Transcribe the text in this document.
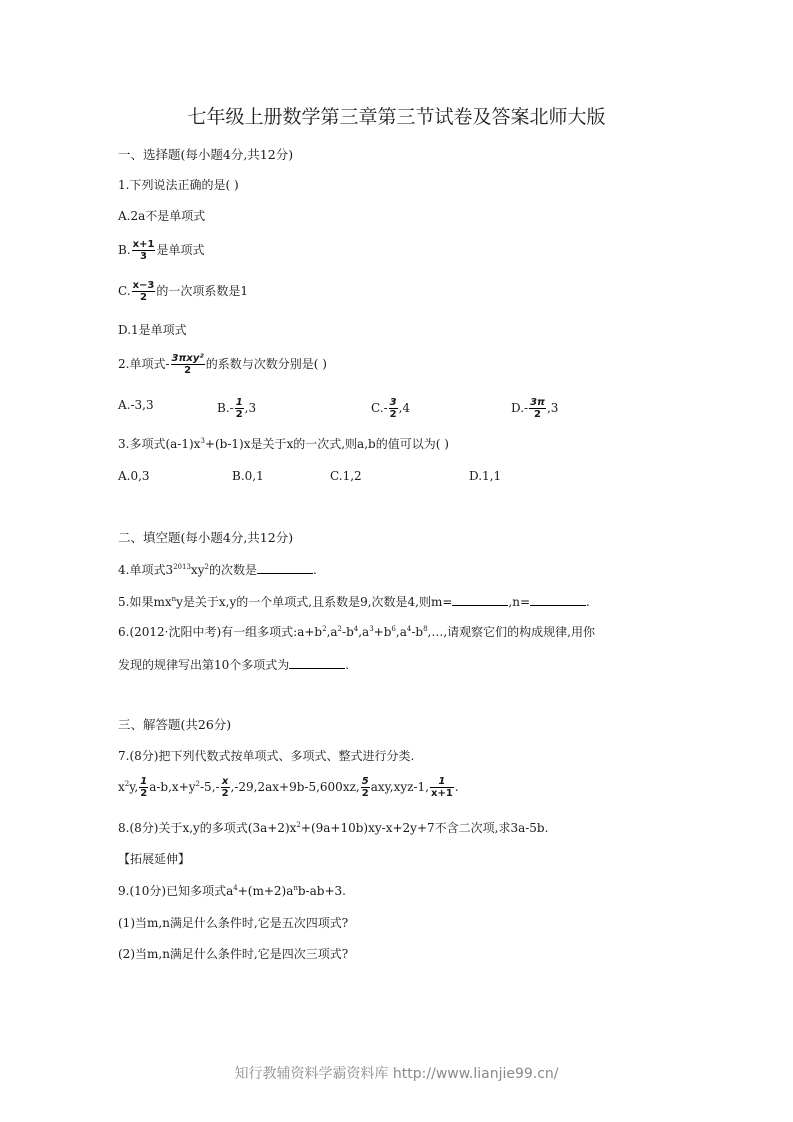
七年级上册数学第三章第三节试卷及答案北师大版
一、选择题(每小题4分,共12分)
1.下列说法正确的是( )
A.2a不是单项式
B. $\frac{x+1}{3}$ 是单项式
C. $\frac{x-3}{2}$ 的一次项系数是1
D.1是单项式
2.单项式- $\frac{\text{3πxy²}}{2}$ 的系数与次数分别是( )
A.-3,3	$B.- \frac{1}{2} ,3$	$C.- \frac{3}{2} ,4$	$D.- \frac{3\pi}{2} ,3$
3.多项式$(a-1)x^3+(b-1)x$是关于x的一次式,则a,b的值可以为( )
A.0,3	B.0,1	C.1,2	D.1,1
二、填空题(每小题4分,共12分)
4.单项式$3^{2013}xy^2$的次数是	.
5.如果$mx^ny$是关于x,y的一个单项式,且系数是9,次数是4,则m=	,n=	.
6.(2012·沈阳中考)有一组多项式$:a+b^2,a^2-b^4,a^3+b^6,a^4-b^8,\dots$,请观察它们的构成规律,用你
发现的规律写出第10个多项式为	.
三、解答题(共26分)
7.(8分)把下列代数式按单项式、多项式、整式进行分类.
$x^2y$, $\frac{1}{2} a-b,x+y^2-5,- \frac{x}{2} ,-29,2ax+9b-5,600xz$, $\frac{5}{2} axy,xyz-1$, $\frac{1}{x+1}$ .
8.(8分)关于x,y的多项式$(3a+2)x^2+(9a+10b)xy-x+2y+7$不含二次项,求3a-5b.
【拓展延伸】
9.(10分)已知多项式$a^4+(m+2)a^nb-ab+3$.
(1)当m,n满足什么条件时,它是五次四项式?
(2)当m,n满足什么条件时,它是四次三项式?
知行教辅资料学霸资料库 http://www.lianjie99.cn/
